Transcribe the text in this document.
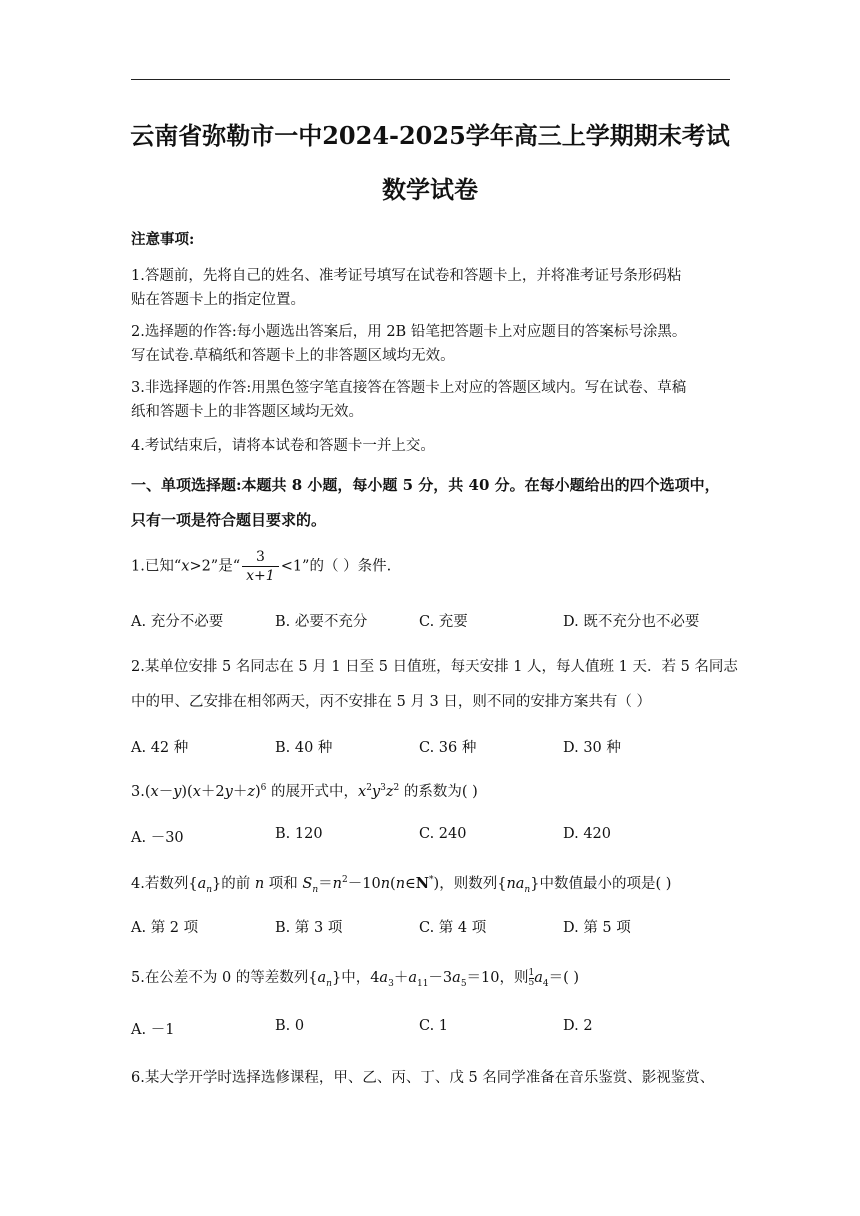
云南省弥勒市一中2024-2025学年高三上学期期末考试
数学试卷
注意事项:
1.答题前，先将自己的姓名、准考证号填写在试卷和答题卡上，并将准考证号条形码粘
贴在答题卡上的指定位置。
2.选择题的作答:每小题选出答案后，用 2B 铅笔把答题卡上对应题目的答案标号涂黑。
写在试卷.草稿纸和答题卡上的非答题区域均无效。
3.非选择题的作答:用黑色签字笔直接答在答题卡上对应的答题区域内。写在试卷、草稿
纸和答题卡上的非答题区域均无效。
4.考试结束后，请将本试卷和答题卡一并上交。
一、单项选择题:本题共 8 小题，每小题 5 分，共 40 分。在每小题给出的四个选项中，
只有一项是符合题目要求的。
1.已知“x>2”是“ $\frac{3}{x+1} <1$”的（ ）条件.
A. 充分不必要	B. 必要不充分	C. 充要	D. 既不充分也不必要
2.某单位安排 5 名同志在 5 月 1 日至 5 日值班，每天安排 1 人，每人值班 1 天．若 5 名同志
中的甲、乙安排在相邻两天，丙不安排在 5 月 3 日，则不同的安排方案共有（ ）
A. 42 种	B. 40 种	C. 36 种	D. 30 种
$3.(x-y)(x+2y+z)^6$ 的展开式中，$x^2y^3z^2$ 的系数为( )
A. －30	B. 120	C. 240	D. 420
4.若数列$\{a_n\}$的前 n 项和 $S_n=n^2-10n(n\in N^*)$，则数列$\{na_n\}$中数值最小的项是( )
A. 第 2 项	B. 第 3 项	C. 第 4 项	D. 第 5 项
5.在公差不为 0 的等差数列$\{a_n\}$中，$4a_3+a_{11}-3a_5=10$，则 $\frac{1}{5} a_4=$( )
A. －1	B. 0	C. 1	D. 2
6.某大学开学时选择选修课程，甲、乙、丙、丁、戊 5 名同学准备在音乐鉴赏、影视鉴赏、
